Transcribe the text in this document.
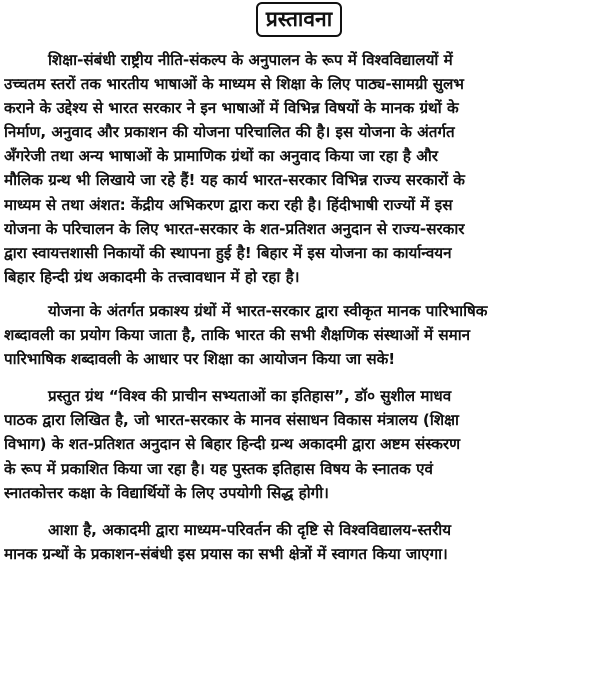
प्रस्तावना
शिक्षा-संबंधी राष्ट्रीय नीति-संकल्प के अनुपालन के रूप में विश्वविद्यालयों में
उच्चतम स्तरों तक भारतीय भाषाओं के माध्यम से शिक्षा के लिए पाठ्य-सामग्री सुलभ
कराने के उद्देश्य से भारत सरकार ने इन भाषाओं में विभिन्न विषयों के मानक ग्रंथों के
निर्माण, अनुवाद और प्रकाशन की योजना परिचालित की है। इस योजना के अंतर्गत
अँगरेजी तथा अन्य भाषाओं के प्रामाणिक ग्रंथों का अनुवाद किया जा रहा है और
मौलिक ग्रन्थ भी लिखाये जा रहे हैं! यह कार्य भारत-सरकार विभिन्न राज्य सरकारों के
माध्यम से तथा अंशत: केंद्रीय अभिकरण द्वारा करा रही है। हिंदीभाषी राज्यों में इस
योजना के परिचालन के लिए भारत-सरकार के शत-प्रतिशत अनुदान से राज्य-सरकार
द्वारा स्वायत्तशासी निकायों की स्थापना हुई है! बिहार में इस योजना का कार्यान्वयन
बिहार हिन्दी ग्रंथ अकादमी के तत्त्वावधान में हो रहा है।
योजना के अंतर्गत प्रकाश्य ग्रंथों में भारत-सरकार द्वारा स्वीकृत मानक पारिभाषिक
शब्दावली का प्रयोग किया जाता है, ताकि भारत की सभी शैक्षणिक संस्थाओं में समान
पारिभाषिक शब्दावली के आधार पर शिक्षा का आयोजन किया जा सके!
प्रस्तुत ग्रंथ “विश्व की प्राचीन सभ्यताओं का इतिहास”, डॉ० सुशील माधव
पाठक द्वारा लिखित है, जो भारत-सरकार के मानव संसाधन विकास मंत्रालय (शिक्षा
विभाग) के शत-प्रतिशत अनुदान से बिहार हिन्दी ग्रन्थ अकादमी द्वारा अष्टम संस्करण
के रूप में प्रकाशित किया जा रहा है। यह पुस्तक इतिहास विषय के स्नातक एवं
स्नातकोत्तर कक्षा के विद्यार्थियों के लिए उपयोगी सिद्ध होगी।
आशा है, अकादमी द्वारा माध्यम-परिवर्तन की दृष्टि से विश्वविद्यालय-स्तरीय
मानक ग्रन्थों के प्रकाशन-संबंधी इस प्रयास का सभी क्षेत्रों में स्वागत किया जाएगा।
